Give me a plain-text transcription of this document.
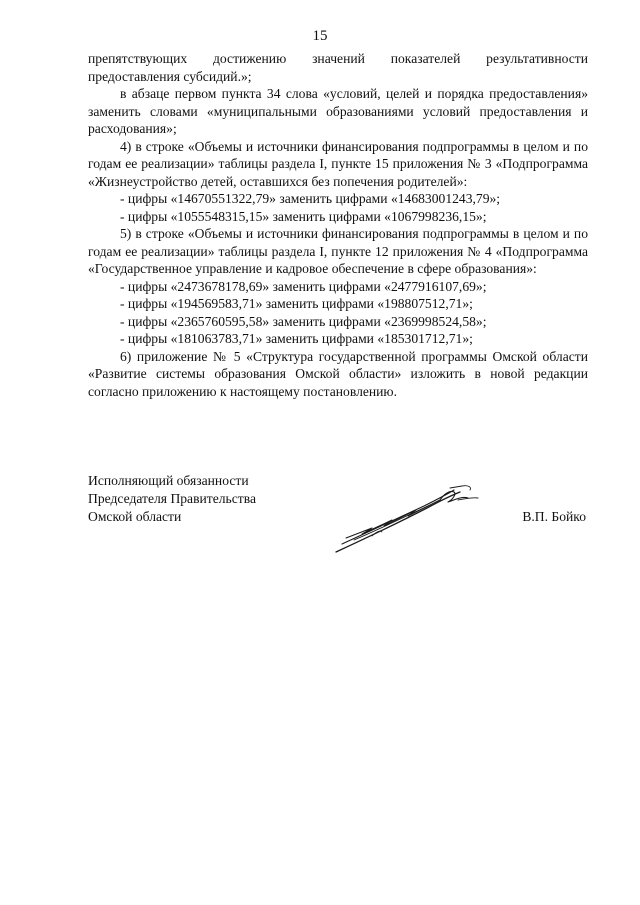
15

препятствующих достижению значений показателей результативности предоставления субсидий.»;

в абзаце первом пункта 34 слова «условий, целей и порядка предоставления» заменить словами «муниципальными образованиями условий предоставления и расходования»;

4) в строке «Объемы и источники финансирования подпрограммы в целом и по годам ее реализации» таблицы раздела I, пункте 15 приложения № 3 «Подпрограмма «Жизнеустройство детей, оставшихся без попечения родителей»:

- цифры «14670551322,79» заменить цифрами «14683001243,79»;

- цифры «1055548315,15» заменить цифрами «1067998236,15»;

5) в строке «Объемы и источники финансирования подпрограммы в целом и по годам ее реализации» таблицы раздела I, пункте 12 приложения № 4 «Подпрограмма «Государственное управление и кадровое обеспечение в сфере образования»:

- цифры «2473678178,69» заменить цифрами «2477916107,69»;

- цифры «194569583,71» заменить цифрами «198807512,71»;

- цифры «2365760595,58» заменить цифрами «2369998524,58»;

- цифры «181063783,71» заменить цифрами «185301712,71»;

6) приложение № 5 «Структура государственной программы Омской области «Развитие системы образования Омской области» изложить в новой редакции согласно приложению к настоящему постановлению.

Исполняющий обязанности

Председателя Правительства

Омской области	В.П. Бойко
